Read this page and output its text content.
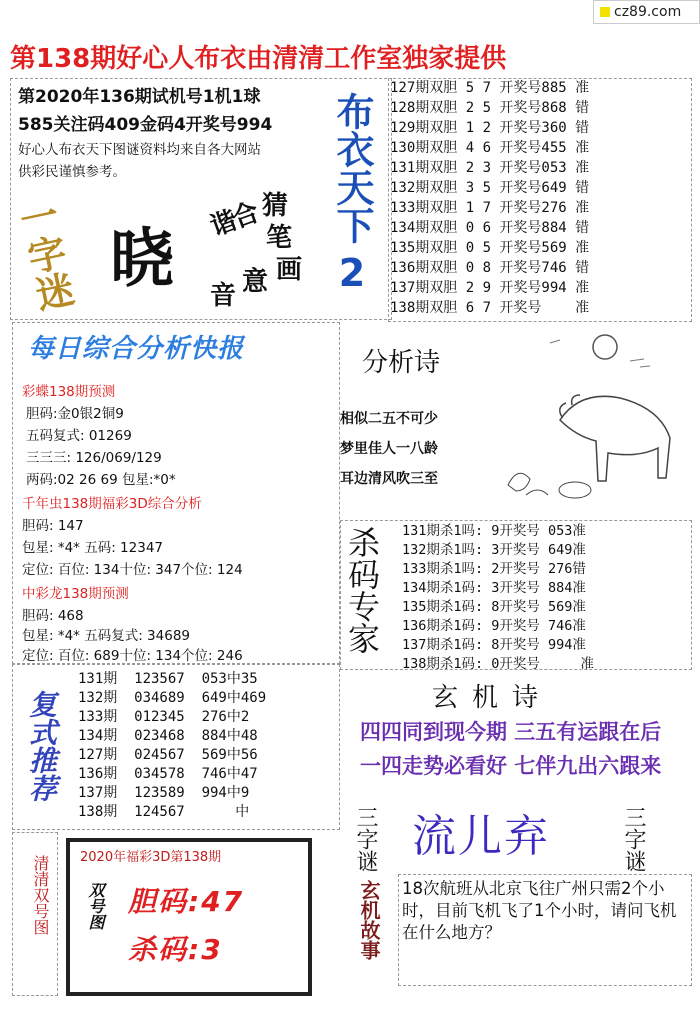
cz89.com
第138期好心人布衣由清清工作室独家提供
第2020年136期试机号1机1球
585关注码409金码4开奖号994
好心人布衣天下图谜资料均来自各大网站
供彩民谨慎参考。
一字迷 晓 谐
合
猜
笔
画
音 意
布衣天下
2
127期双胆 5 7 开奖号885 准
128期双胆 2 5 开奖号868 错
129期双胆 1 2 开奖号360 错
130期双胆 4 6 开奖号455 准
131期双胆 2 3 开奖号053 准
132期双胆 3 5 开奖号649 错
133期双胆 1 7 开奖号276 准
134期双胆 0 6 开奖号884 错
135期双胆 0 5 开奖号569 准
136期双胆 0 8 开奖号746 错
137期双胆 2 9 开奖号994 准
138期双胆 6 7 开奖号    准
每日综合分析快报	分析诗
相似二五不可少
梦里佳人一八龄
耳边清风吹三至
彩蝶138期预测
胆码:金0银2铜9
五码复式: 01269
三三三: 126/069/129
两码:02 26 69 包星:*0*
千年虫138期福彩3D综合分析
胆码: 147
包星: *4* 五码: 12347
定位: 百位: 134十位: 347个位: 124
中彩龙138期预测
胆码: 468
包星: *4* 五码复式: 34689
定位: 百位: 689十位: 134个位: 246
杀码专家 131期杀1吗: 9开奖号 053准
132期杀1吗: 3开奖号 649准
133期杀1吗: 2开奖号 276错
134期杀1码: 3开奖号 884准
135期杀1码: 8开奖号 569准
136期杀1码: 9开奖号 746准
137期杀1码: 8开奖号 994准
138期杀1码: 0开奖号     准
玄机诗
四四同到现今期 三五有运跟在后
一四走势必看好 七伴九出六跟来
复式推荐
131期  123567  053中35
132期  034689  649中469
133期  012345  276中2
134期  023468  884中48
127期  024567  569中56
136期  034578  746中47
137期  123589  994中9
138期  124567      中
清清双号图	2020年福彩3D第138期
双号图 胆码:47
杀码:3
三字谜	三字谜
流儿弃
玄机故事 18次航班从北京飞往广州只需2个小时，目前飞机飞了1个小时，请问飞机在什么地方？
